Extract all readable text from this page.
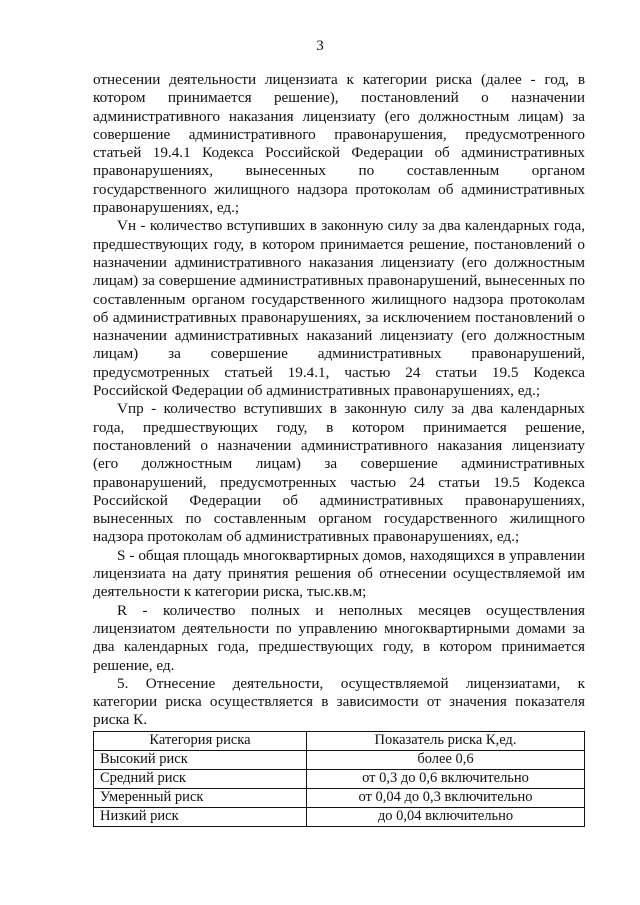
3

отнесении деятельности лицензиата к категории риска (далее - год, в котором принимается решение), постановлений о назначении административного наказания лицензиату (его должностным лицам) за совершение административного правонарушения, предусмотренного статьей 19.4.1 Кодекса Российской Федерации об административных правонарушениях, вынесенных по составленным органом государственного жилищного надзора протоколам об административных правонарушениях, ед.;

Vн - количество вступивших в законную силу за два календарных года, предшествующих году, в котором принимается решение, постановлений о назначении административного наказания лицензиату (его должностным лицам) за совершение административных правонарушений, вынесенных по составленным органом государственного жилищного надзора протоколам об административных правонарушениях, за исключением постановлений о назначении административных наказаний лицензиату (его должностным лицам) за совершение административных правонарушений, предусмотренных статьей 19.4.1, частью 24 статьи 19.5 Кодекса Российской Федерации об административных правонарушениях, ед.;

Vпр - количество вступивших в законную силу за два календарных года, предшествующих году, в котором принимается решение, постановлений о назначении административного наказания лицензиату (его должностным лицам) за совершение административных правонарушений, предусмотренных частью 24 статьи 19.5 Кодекса Российской Федерации об административных правонарушениях, вынесенных по составленным органом государственного жилищного надзора протоколам об административных правонарушениях, ед.;

S - общая площадь многоквартирных домов, находящихся в управлении лицензиата на дату принятия решения об отнесении осуществляемой им деятельности к категории риска, тыс.кв.м;

R - количество полных и неполных месяцев осуществления лицензиатом деятельности по управлению многоквартирными домами за два календарных года, предшествующих году, в котором принимается решение, ед.

5. Отнесение деятельности, осуществляемой лицензиатами, к категории риска осуществляется в зависимости от значения показателя риска К.

Категория риска	Показатель риска К,ед.
Высокий риск	более 0,6
Средний риск	от 0,3 до 0,6 включительно
Умеренный риск	от 0,04 до 0,3 включительно
Низкий риск	до 0,04 включительно
